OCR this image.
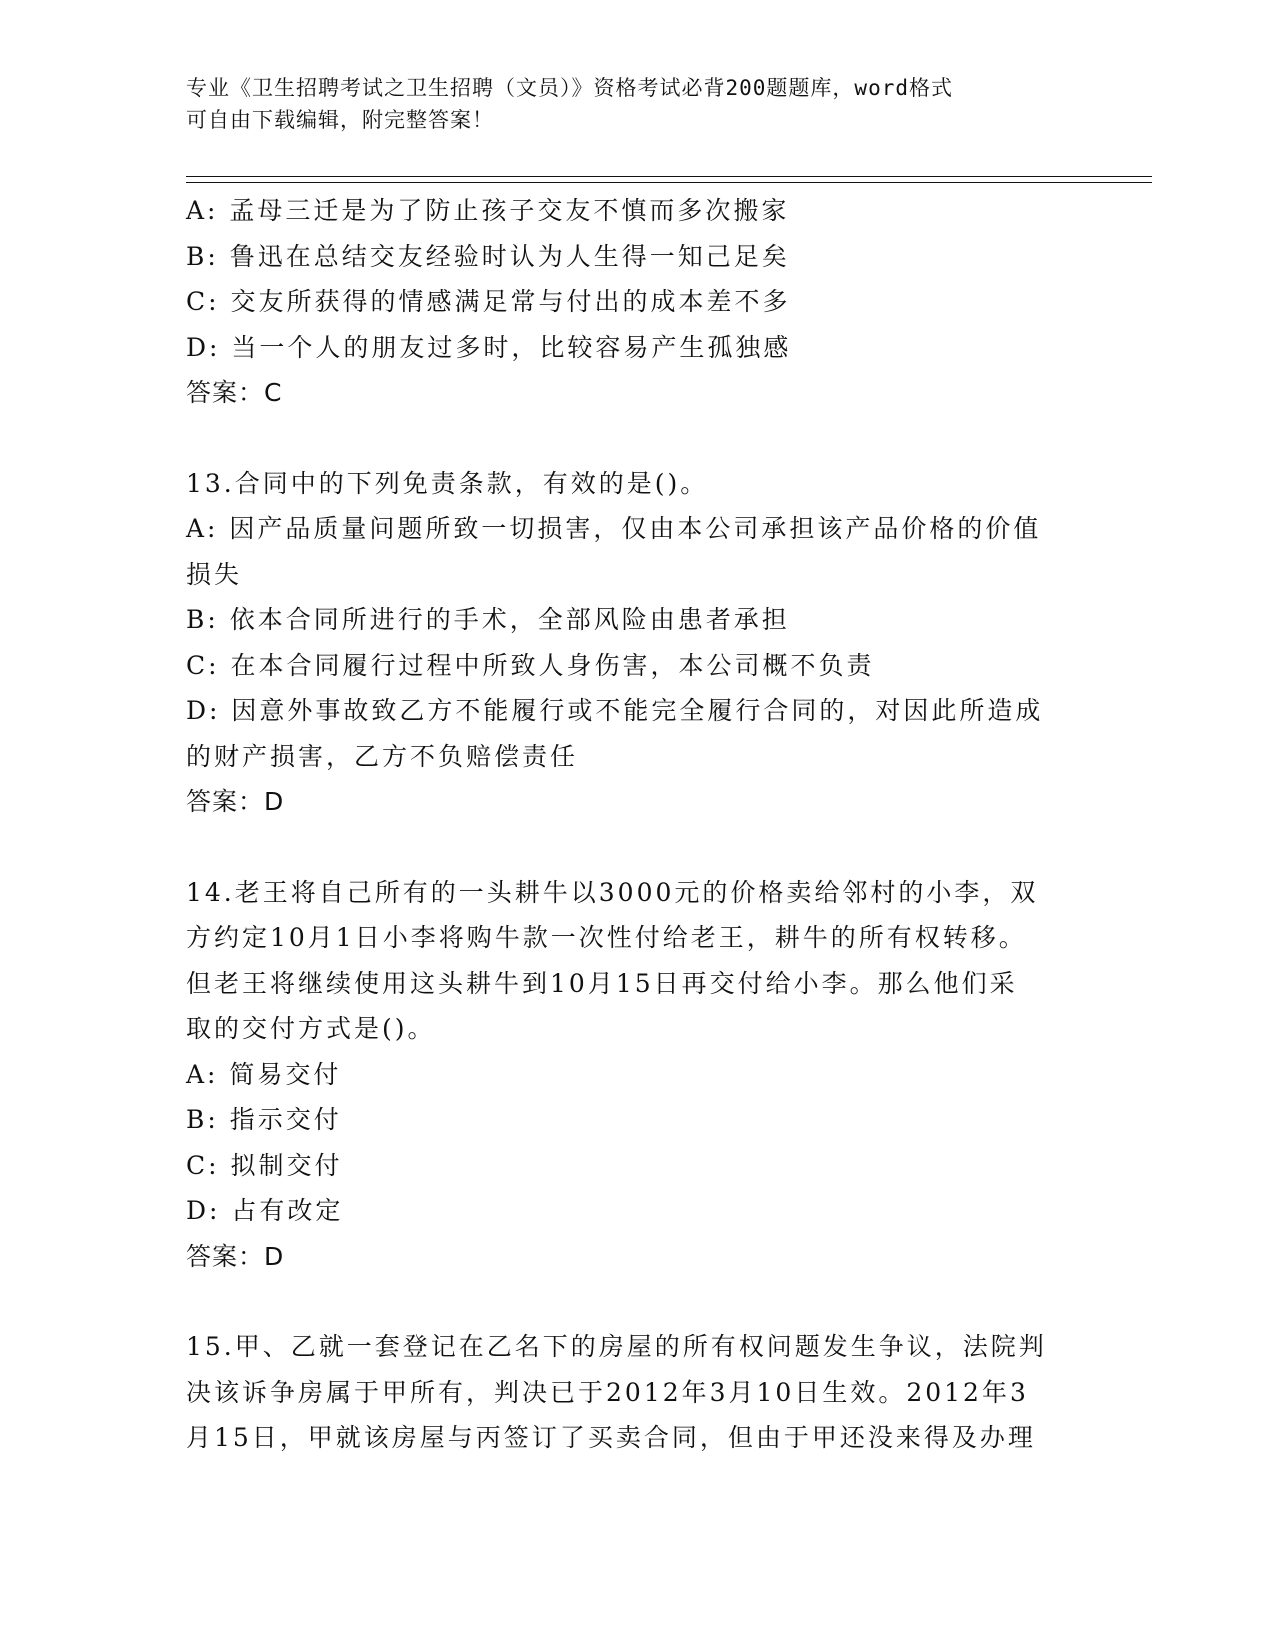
专业《卫生招聘考试之卫生招聘（文员）》资格考试必背200题题库，word格式
可自由下载编辑，附完整答案！

A: 孟母三迁是为了防止孩子交友不慎而多次搬家

B: 鲁迅在总结交友经验时认为人生得一知己足矣

C: 交友所获得的情感满足常与付出的成本差不多

D: 当一个人的朋友过多时，比较容易产生孤独感

答案：C

13.合同中的下列免责条款，有效的是()。

A: 因产品质量问题所致一切损害，仅由本公司承担该产品价格的价值

损失

B: 依本合同所进行的手术，全部风险由患者承担

C: 在本合同履行过程中所致人身伤害，本公司概不负责

D: 因意外事故致乙方不能履行或不能完全履行合同的，对因此所造成

的财产损害，乙方不负赔偿责任

答案：D

14.老王将自己所有的一头耕牛以3000元的价格卖给邻村的小李，双

方约定10月1日小李将购牛款一次性付给老王，耕牛的所有权转移。

但老王将继续使用这头耕牛到10月15日再交付给小李。那么他们采

取的交付方式是()。

A: 简易交付

B: 指示交付

C: 拟制交付

D: 占有改定

答案：D

15.甲、乙就一套登记在乙名下的房屋的所有权问题发生争议，法院判

决该诉争房属于甲所有，判决已于2012年3月10日生效。2012年3

月15日，甲就该房屋与丙签订了买卖合同，但由于甲还没来得及办理
